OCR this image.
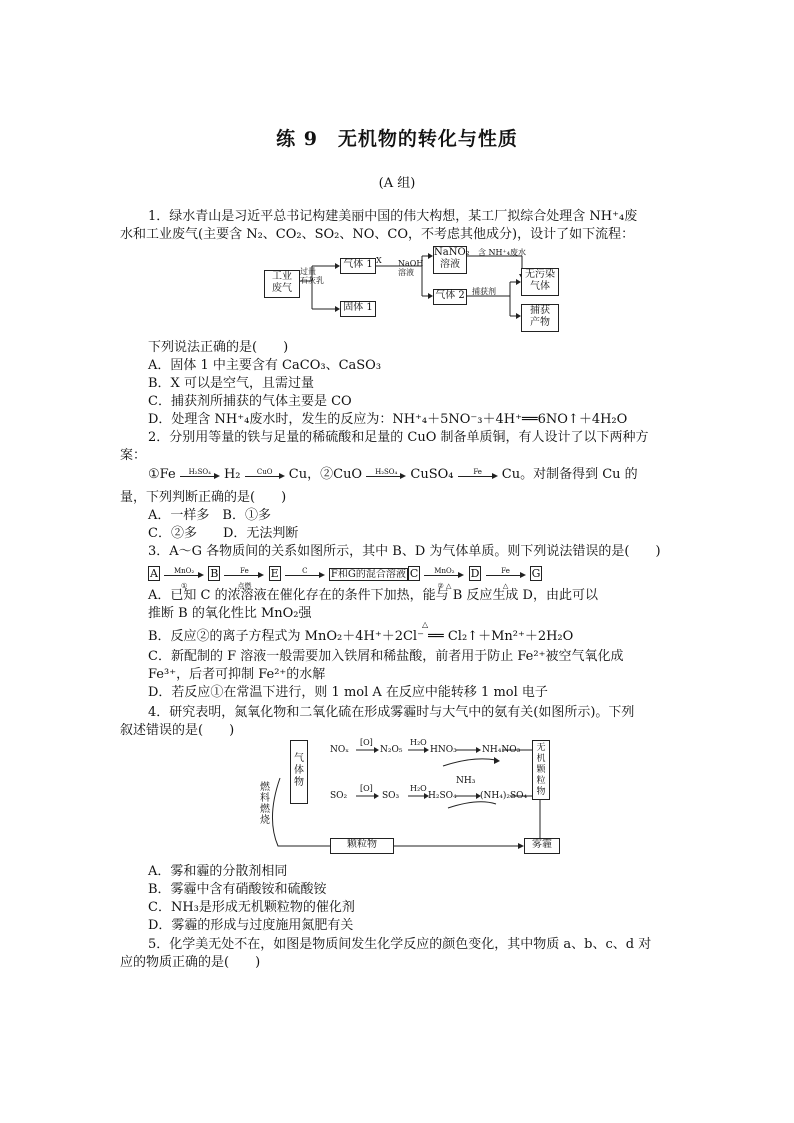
练 9　无机物的转化与性质
(A 组)
1．绿水青山是习近平总书记构建美丽中国的伟大构想，某工厂拟综合处理含 NH⁺₄废
水和工业废气(主要含 N₂、CO₂、SO₂、NO、CO，不考虑其他成分)，设计了如下流程：
工业
废气
过量
石灰乳
气体 1
固体 1
X NaOH
溶液
NaNO₂
溶液
含 NH⁺₄废水
无污染
气体
气体 2 捕获剂
捕获
产物
下列说法正确的是(　　)
A．固体 1 中主要含有 CaCO₃、CaSO₃
B．X 可以是空气，且需过量
C．捕获剂所捕获的气体主要是 CO
D．处理含 NH⁺₄废水时，发生的反应为：NH⁺₄＋5NO⁻₃＋4H⁺══6NO↑＋4H₂O
2．分别用等量的铁与足量的稀硫酸和足量的 CuO 制备单质铜，有人设计了以下两种方
案：
①Fe	H₂SO₄	H₂	CuO	Cu，②CuO	H₂SO₄	CuSO₄	Fe	Cu。对制备得到 Cu 的
量，下列判断正确的是(　　)
A．一样多　B．①多
C．②多　　D．无法判断
3．A～G 各物质间的关系如图所示，其中 B、D 为气体单质。则下列说法错误的是(　　)
A	MnO₂
①
B	Fe
点燃
E	C	F和G的混合溶液 C	MnO₂
② △
D	Fe
△
G
A．已知 C 的浓溶液在催化存在的条件下加热，能与 B 反应生成 D，由此可以
推断 B 的氧化性比 MnO₂强
△
B．反应②的离子方程式为 MnO₂＋4H⁺＋2Cl⁻ ══ Cl₂↑＋Mn²⁺＋2H₂O
C．新配制的 F 溶液一般需要加入铁屑和稀盐酸，前者用于防止 Fe²⁺被空气氧化成
Fe³⁺，后者可抑制 Fe²⁺的水解
D．若反应①在常温下进行，则 1 mol A 在反应中能转移 1 mol 电子
4．研究表明，氮氧化物和二氧化硫在形成雾霾时与大气中的氨有关(如图所示)。下列
叙述错误的是(　　)
燃
料
燃
烧
气
体
物
NOₓ
[O]
N₂O₅
H₂O
HNO₃	NH₄NO₃
NH₃
SO₂
[O]
SO₃
H₂O
H₂SO₄	(NH₄)₂SO₄
无
机
颗
粒
物
颗粒物	雾霾
A．雾和霾的分散剂相同
B．雾霾中含有硝酸铵和硫酸铵
C．NH₃是形成无机颗粒物的催化剂
D．雾霾的形成与过度施用氮肥有关
5．化学美无处不在，如图是物质间发生化学反应的颜色变化，其中物质 a、b、c、d 对
应的物质正确的是(　　)
